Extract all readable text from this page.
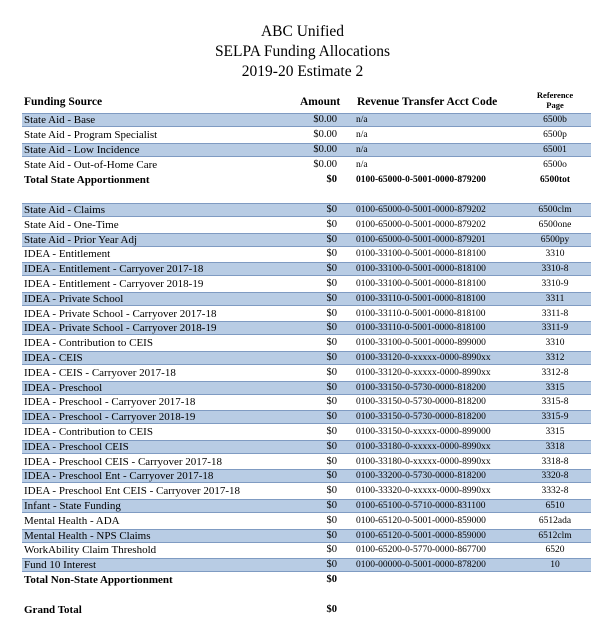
ABC Unified
SELPA Funding Allocations
2019-20 Estimate 2
Funding Source	Amount Revenue Transfer Acct Code
Reference
Page
State Aid - Base	$0.00 n/a	6500b
State Aid - Program Specialist	$0.00 n/a	6500p
State Aid - Low Incidence	$0.00 n/a	65001
State Aid - Out-of-Home Care	$0.00 n/a	6500o
Total State Apportionment	$0 0100-65000-0-5001-0000-879200	6500tot
State Aid - Claims	$0 0100-65000-0-5001-0000-879202	6500clm
State Aid - One-Time	$0 0100-65000-0-5001-0000-879202	6500one
State Aid - Prior Year Adj	$0 0100-65000-0-5001-0000-879201	6500py
IDEA - Entitlement	$0 0100-33100-0-5001-0000-818100	3310
IDEA - Entitlement - Carryover 2017-18	$0 0100-33100-0-5001-0000-818100	3310-8
IDEA - Entitlement - Carryover 2018-19	$0 0100-33100-0-5001-0000-818100	3310-9
IDEA - Private School	$0 0100-33110-0-5001-0000-818100	3311
IDEA - Private School - Carryover 2017-18	$0 0100-33110-0-5001-0000-818100	3311-8
IDEA - Private School - Carryover 2018-19	$0 0100-33110-0-5001-0000-818100	3311-9
IDEA - Contribution to CEIS	$0 0100-33100-0-5001-0000-899000	3310
IDEA - CEIS	$0 0100-33120-0-xxxxx-0000-8990xx	3312
IDEA - CEIS - Carryover 2017-18	$0 0100-33120-0-xxxxx-0000-8990xx	3312-8
IDEA - Preschool	$0 0100-33150-0-5730-0000-818200	3315
IDEA - Preschool - Carryover 2017-18	$0 0100-33150-0-5730-0000-818200	3315-8
IDEA - Preschool - Carryover 2018-19	$0 0100-33150-0-5730-0000-818200	3315-9
IDEA - Contribution to CEIS	$0 0100-33150-0-xxxxx-0000-899000	3315
IDEA - Preschool CEIS	$0 0100-33180-0-xxxxx-0000-8990xx	3318
IDEA - Preschool CEIS - Carryover 2017-18	$0 0100-33180-0-xxxxx-0000-8990xx	3318-8
IDEA - Preschool Ent - Carryover 2017-18	$0 0100-33200-0-5730-0000-818200	3320-8
IDEA - Preschool Ent CEIS - Carryover 2017-18	$0 0100-33320-0-xxxxx-0000-8990xx	3332-8
Infant - State Funding	$0 0100-65100-0-5710-0000-831100	6510
Mental Health - ADA	$0 0100-65120-0-5001-0000-859000	6512ada
Mental Health - NPS Claims	$0 0100-65120-0-5001-0000-859000	6512clm
WorkAbility Claim Threshold	$0 0100-65200-0-5770-0000-867700	6520
Fund 10 Interest	$0 0100-00000-0-5001-0000-878200	10
Total Non-State Apportionment	$0
Grand Total	$0
